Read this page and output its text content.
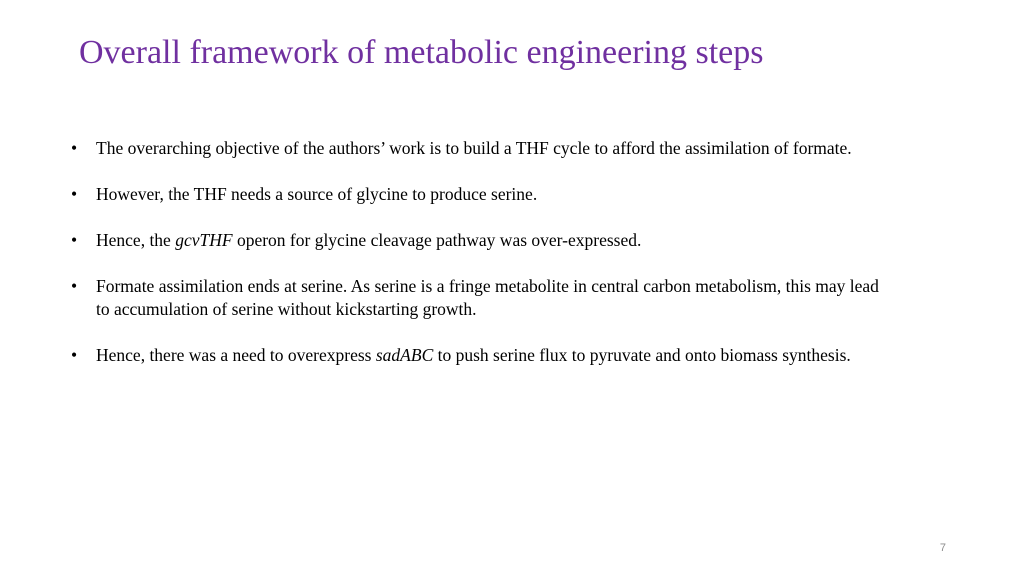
Overall framework of metabolic engineering steps
• The overarching objective of the authors’ work is to build a THF cycle to afford the assimilation of formate.
• However, the THF needs a source of glycine to produce serine.
• Hence, the gcvTHF operon for glycine cleavage pathway was over-expressed.
• Formate assimilation ends at serine. As serine is a fringe metabolite in central carbon metabolism, this may lead to accumulation of serine without kickstarting growth.
• Hence, there was a need to overexpress sadABC to push serine flux to pyruvate and onto biomass synthesis.
7
